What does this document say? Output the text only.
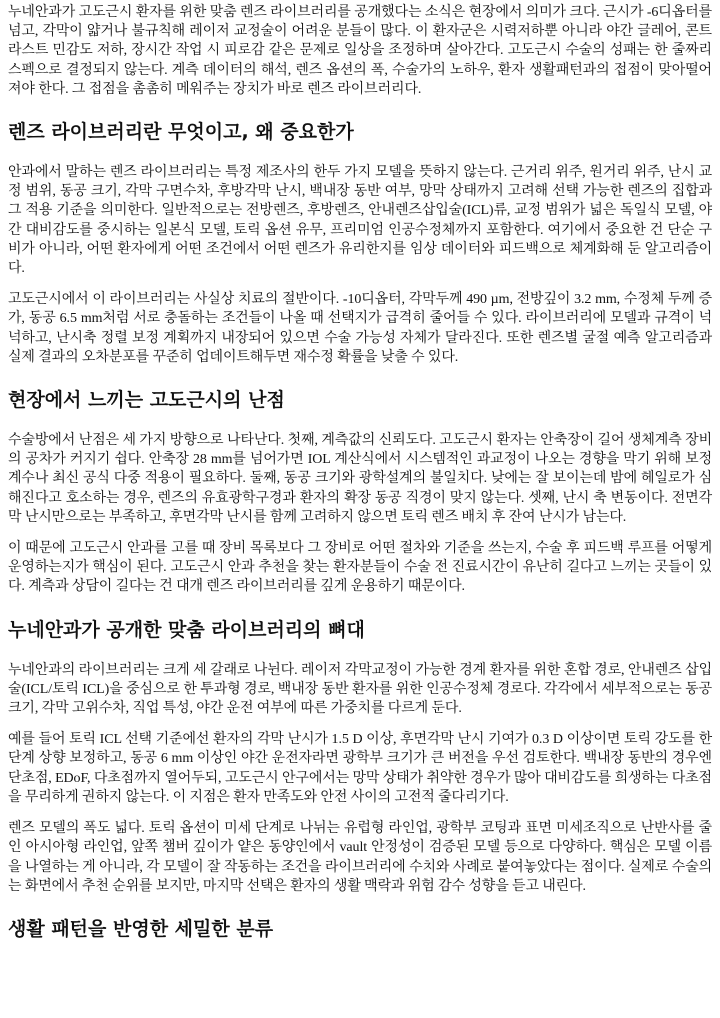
누네안과가 고도근시 환자를 위한 맞춤 렌즈 라이브러리를 공개했다는 소식은 현장에서 의미가 크다. 근시가 -6디옵터를 넘고, 각막이 얇거나 불규칙해 레이저 교정술이 어려운 분들이 많다. 이 환자군은 시력저하뿐 아니라 야간 글레어, 콘트라스트 민감도 저하, 장시간 작업 시 피로감 같은 문제로 일상을 조정하며 살아간다. 고도근시 수술의 성패는 한 줄짜리 스펙으로 결정되지 않는다. 계측 데이터의 해석, 렌즈 옵션의 폭, 수술가의 노하우, 환자 생활패턴과의 접점이 맞아떨어져야 한다. 그 접점을 촘촘히 메워주는 장치가 바로 렌즈 라이브러리다.

렌즈 라이브러리란 무엇이고, 왜 중요한가

안과에서 말하는 렌즈 라이브러리는 특정 제조사의 한두 가지 모델을 뜻하지 않는다. 근거리 위주, 원거리 위주, 난시 교정 범위, 동공 크기, 각막 구면수차, 후방각막 난시, 백내장 동반 여부, 망막 상태까지 고려해 선택 가능한 렌즈의 집합과 그 적용 기준을 의미한다. 일반적으로는 전방렌즈, 후방렌즈, 안내렌즈삽입술(ICL)류, 교정 범위가 넓은 독일식 모델, 야간 대비감도를 중시하는 일본식 모델, 토릭 옵션 유무, 프리미엄 인공수정체까지 포함한다. 여기에서 중요한 건 단순 구비가 아니라, 어떤 환자에게 어떤 조건에서 어떤 렌즈가 유리한지를 임상 데이터와 피드백으로 체계화해 둔 알고리즘이다.

고도근시에서 이 라이브러리는 사실상 치료의 절반이다. -10디옵터, 각막두께 490 µm, 전방깊이 3.2 mm, 수정체 두께 증가, 동공 6.5 mm처럼 서로 충돌하는 조건들이 나올 때 선택지가 급격히 줄어들 수 있다. 라이브러리에 모델과 규격이 넉넉하고, 난시축 정렬 보정 계획까지 내장되어 있으면 수술 가능성 자체가 달라진다. 또한 렌즈별 굴절 예측 알고리즘과 실제 결과의 오차분포를 꾸준히 업데이트해두면 재수정 확률을 낮출 수 있다.

현장에서 느끼는 고도근시의 난점

수술방에서 난점은 세 가지 방향으로 나타난다. 첫째, 계측값의 신뢰도다. 고도근시 환자는 안축장이 길어 생체계측 장비의 공차가 커지기 쉽다. 안축장 28 mm를 넘어가면 IOL 계산식에서 시스템적인 과교정이 나오는 경향을 막기 위해 보정계수나 최신 공식 다중 적용이 필요하다. 둘째, 동공 크기와 광학설계의 불일치다. 낮에는 잘 보이는데 밤에 헤일로가 심해진다고 호소하는 경우, 렌즈의 유효광학구경과 환자의 확장 동공 직경이 맞지 않는다. 셋째, 난시 축 변동이다. 전면각막 난시만으로는 부족하고, 후면각막 난시를 함께 고려하지 않으면 토릭 렌즈 배치 후 잔여 난시가 남는다.

이 때문에 고도근시 안과를 고를 때 장비 목록보다 그 장비로 어떤 절차와 기준을 쓰는지, 수술 후 피드백 루프를 어떻게 운영하는지가 핵심이 된다. 고도근시 안과 추천을 찾는 환자분들이 수술 전 진료시간이 유난히 길다고 느끼는 곳들이 있다. 계측과 상담이 길다는 건 대개 렌즈 라이브러리를 깊게 운용하기 때문이다.

누네안과가 공개한 맞춤 라이브러리의 뼈대

누네안과의 라이브러리는 크게 세 갈래로 나뉜다. 레이저 각막교정이 가능한 경계 환자를 위한 혼합 경로, 안내렌즈 삽입술(ICL/토릭 ICL)을 중심으로 한 투과형 경로, 백내장 동반 환자를 위한 인공수정체 경로다. 각각에서 세부적으로는 동공 크기, 각막 고위수차, 직업 특성, 야간 운전 여부에 따른 가중치를 다르게 둔다.

예를 들어 토릭 ICL 선택 기준에선 환자의 각막 난시가 1.5 D 이상, 후면각막 난시 기여가 0.3 D 이상이면 토릭 강도를 한 단계 상향 보정하고, 동공 6 mm 이상인 야간 운전자라면 광학부 크기가 큰 버전을 우선 검토한다. 백내장 동반의 경우엔 단초점, EDoF, 다초점까지 열어두되, 고도근시 안구에서는 망막 상태가 취약한 경우가 많아 대비감도를 희생하는 다초점을 무리하게 권하지 않는다. 이 지점은 환자 만족도와 안전 사이의 고전적 줄다리기다.

렌즈 모델의 폭도 넓다. 토릭 옵션이 미세 단계로 나뉘는 유럽형 라인업, 광학부 코팅과 표면 미세조직으로 난반사를 줄인 아시아형 라인업, 앞쪽 챔버 깊이가 얕은 동양인에서 vault 안정성이 검증된 모델 등으로 다양하다. 핵심은 모델 이름을 나열하는 게 아니라, 각 모델이 잘 작동하는 조건을 라이브러리에 수치와 사례로 붙여놓았다는 점이다. 실제로 수술의는 화면에서 추천 순위를 보지만, 마지막 선택은 환자의 생활 맥락과 위험 감수 성향을 듣고 내린다.

생활 패턴을 반영한 세밀한 분류
